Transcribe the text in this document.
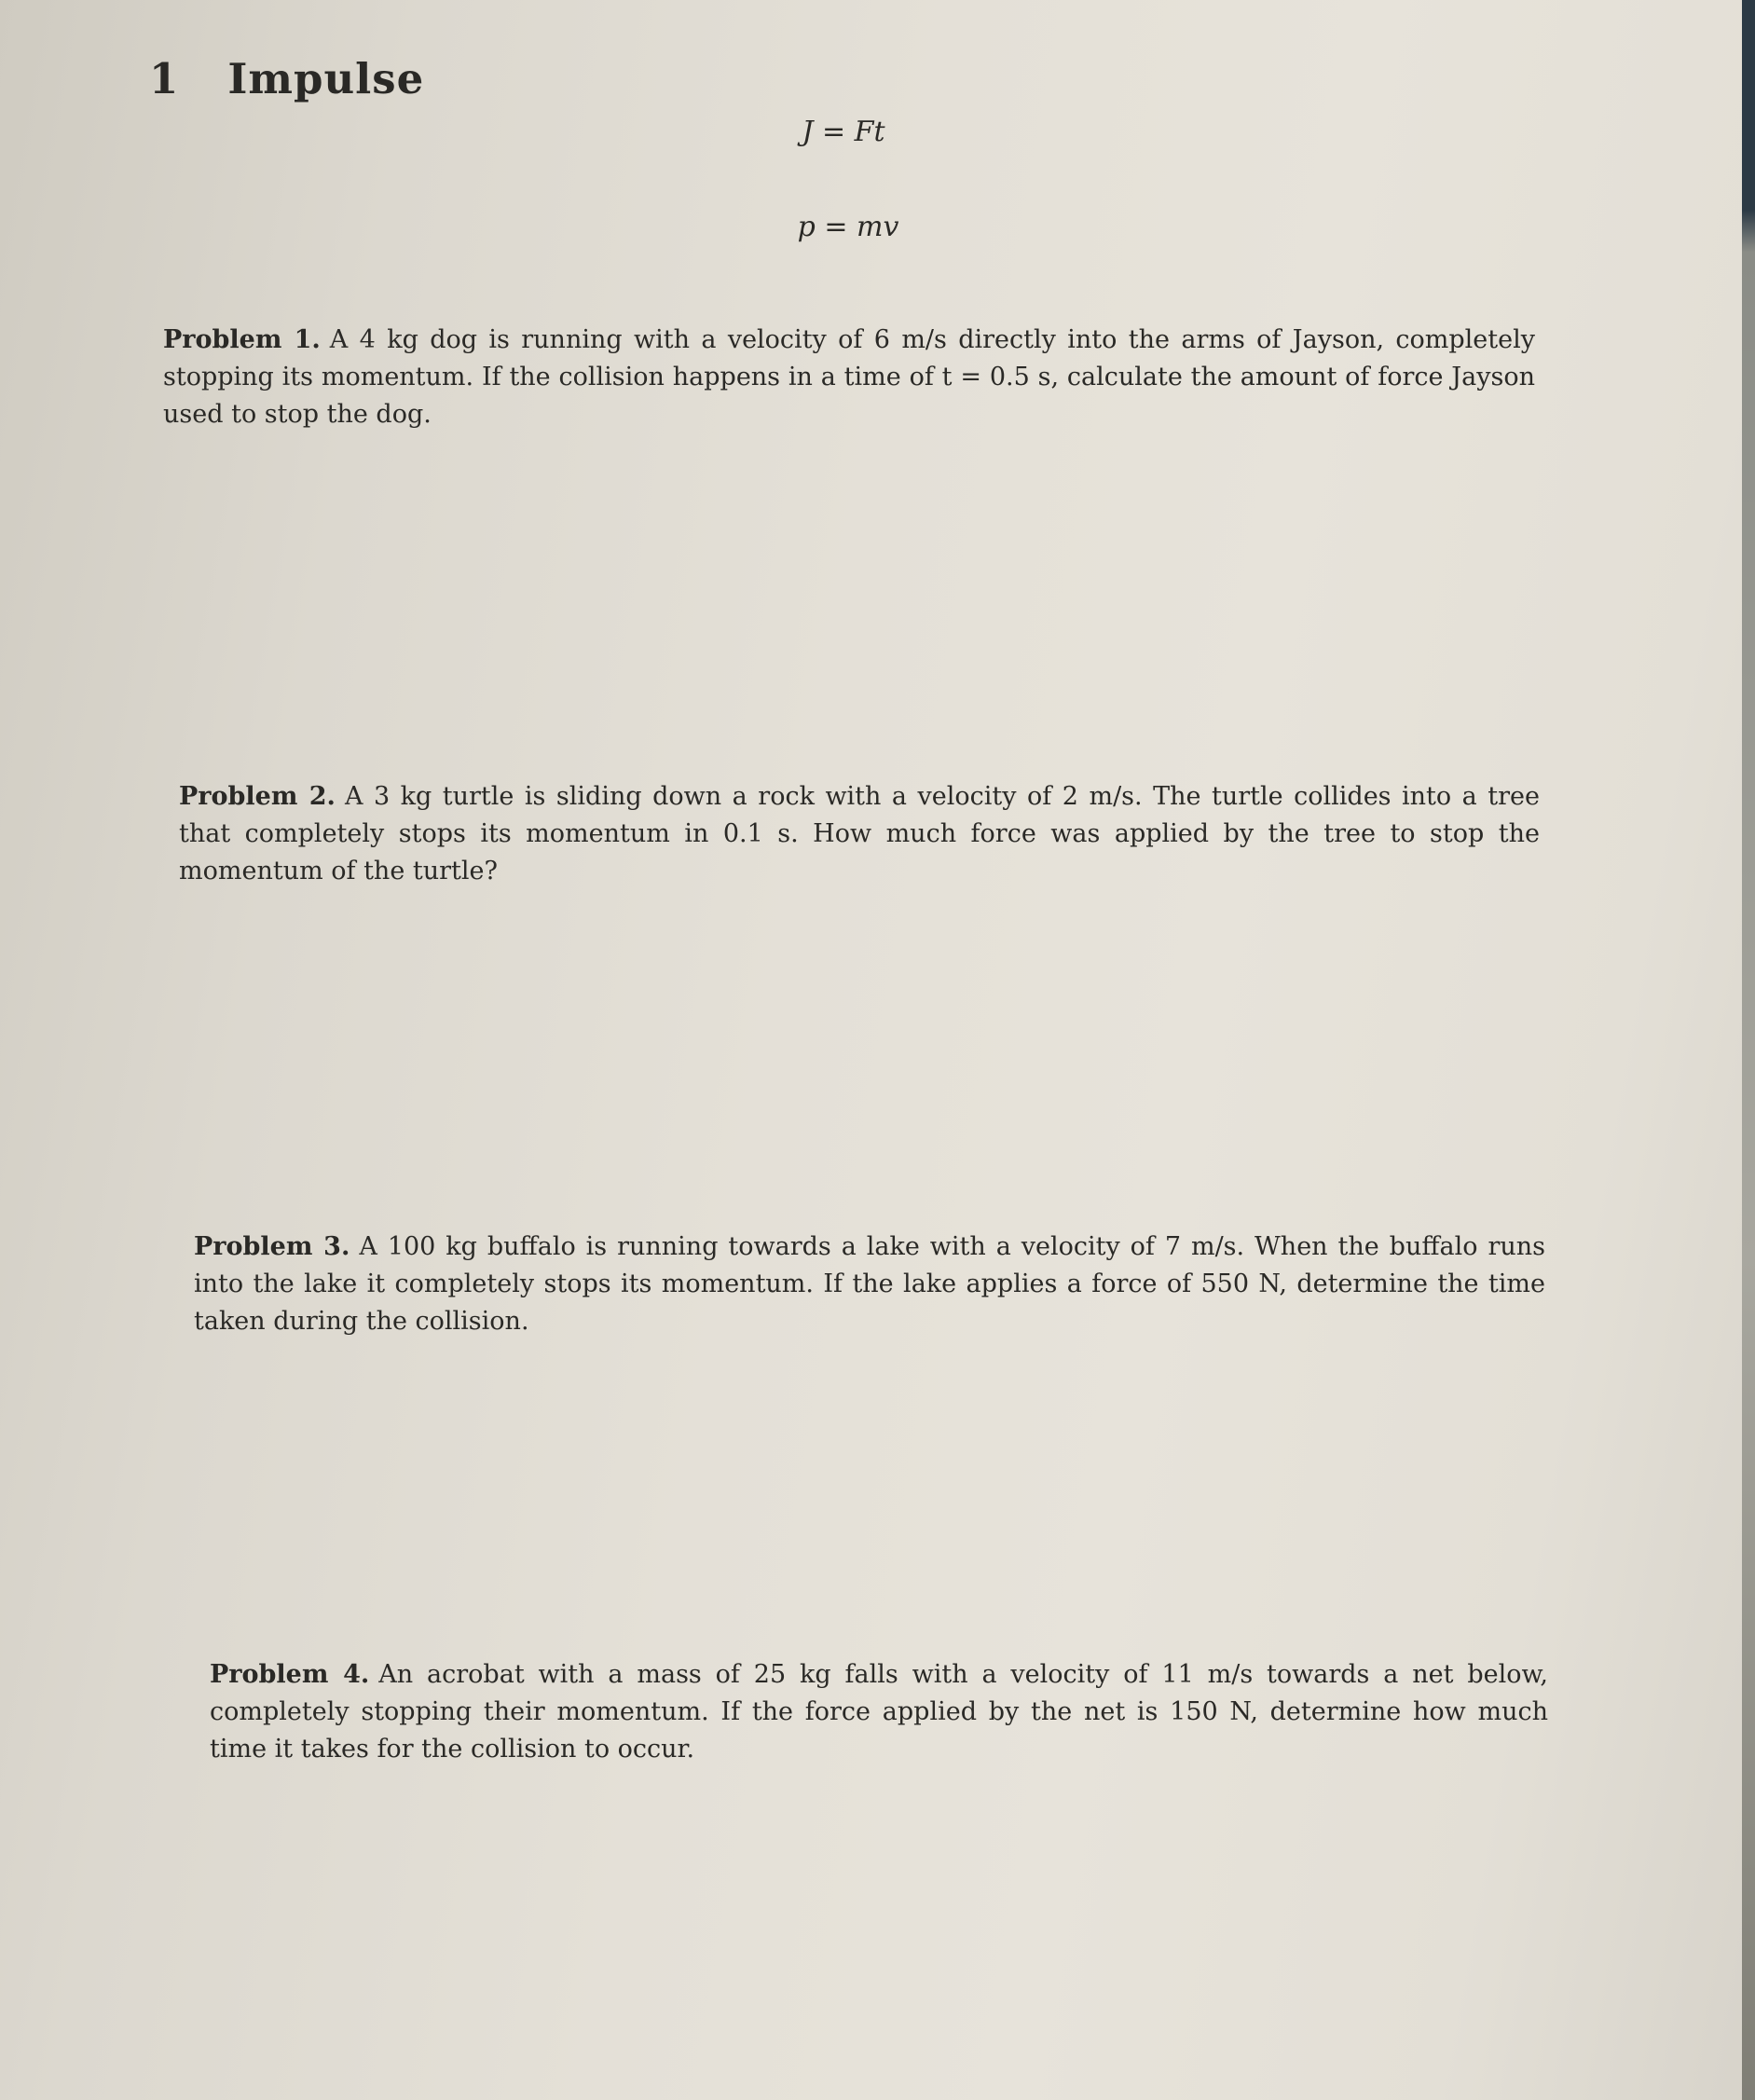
1 Impulse
J = Ft
p = mv
Problem 1. A 4 kg dog is running with a velocity of 6 m/s directly into the arms of Jayson, completely stopping its momentum. If the collision happens in a time of t = 0.5 s, calculate the amount of force Jayson used to stop the dog.
Problem 2. A 3 kg turtle is sliding down a rock with a velocity of 2 m/s. The turtle collides into a tree that completely stops its momentum in 0.1 s. How much force was applied by the tree to stop the momentum of the turtle?
Problem 3. A 100 kg buffalo is running towards a lake with a velocity of 7 m/s. When the buffalo runs into the lake it completely stops its momentum. If the lake applies a force of 550 N, determine the time taken during the collision.
Problem 4. An acrobat with a mass of 25 kg falls with a velocity of 11 m/s towards a net below, completely stopping their momentum. If the force applied by the net is 150 N, determine how much time it takes for the collision to occur.
